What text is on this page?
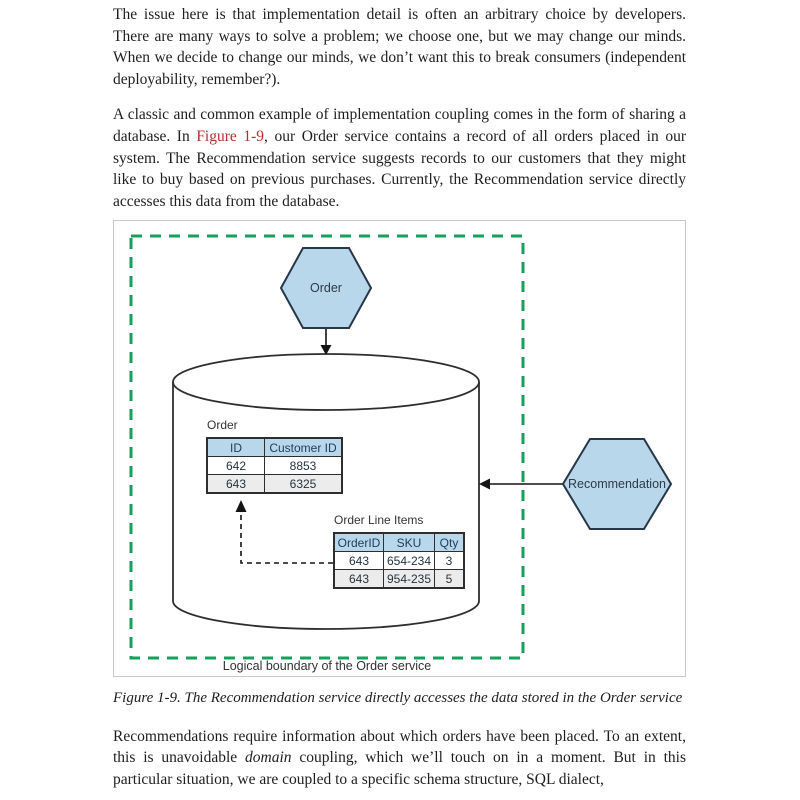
The issue here is that implementation detail is often an arbitrary choice by developers. There are many ways to solve a problem; we choose one, but we may change our minds. When we decide to change our minds, we don’t want this to break consumers (independent deployability, remember?).

A classic and common example of implementation coupling comes in the form of sharing a database. In Figure 1-9, our Order service contains a record of all orders placed in our system. The Recommendation service suggests records to our customers that they might like to buy based on previous purchases. Currently, the Recommendation service directly accesses this data from the database.

Order
Recommendation
Order
ID	Customer ID
642	8853
643	6325
Order Line Items
OrderID	SKU	Qty
643	654-234	3
643	954-235	5
Logical boundary of the Order service

Figure 1-9. The Recommendation service directly accesses the data stored in the Order service

Recommendations require information about which orders have been placed. To an extent, this is unavoidable domain coupling, which we’ll touch on in a moment. But in this particular situation, we are coupled to a specific schema structure, SQL dialect,
